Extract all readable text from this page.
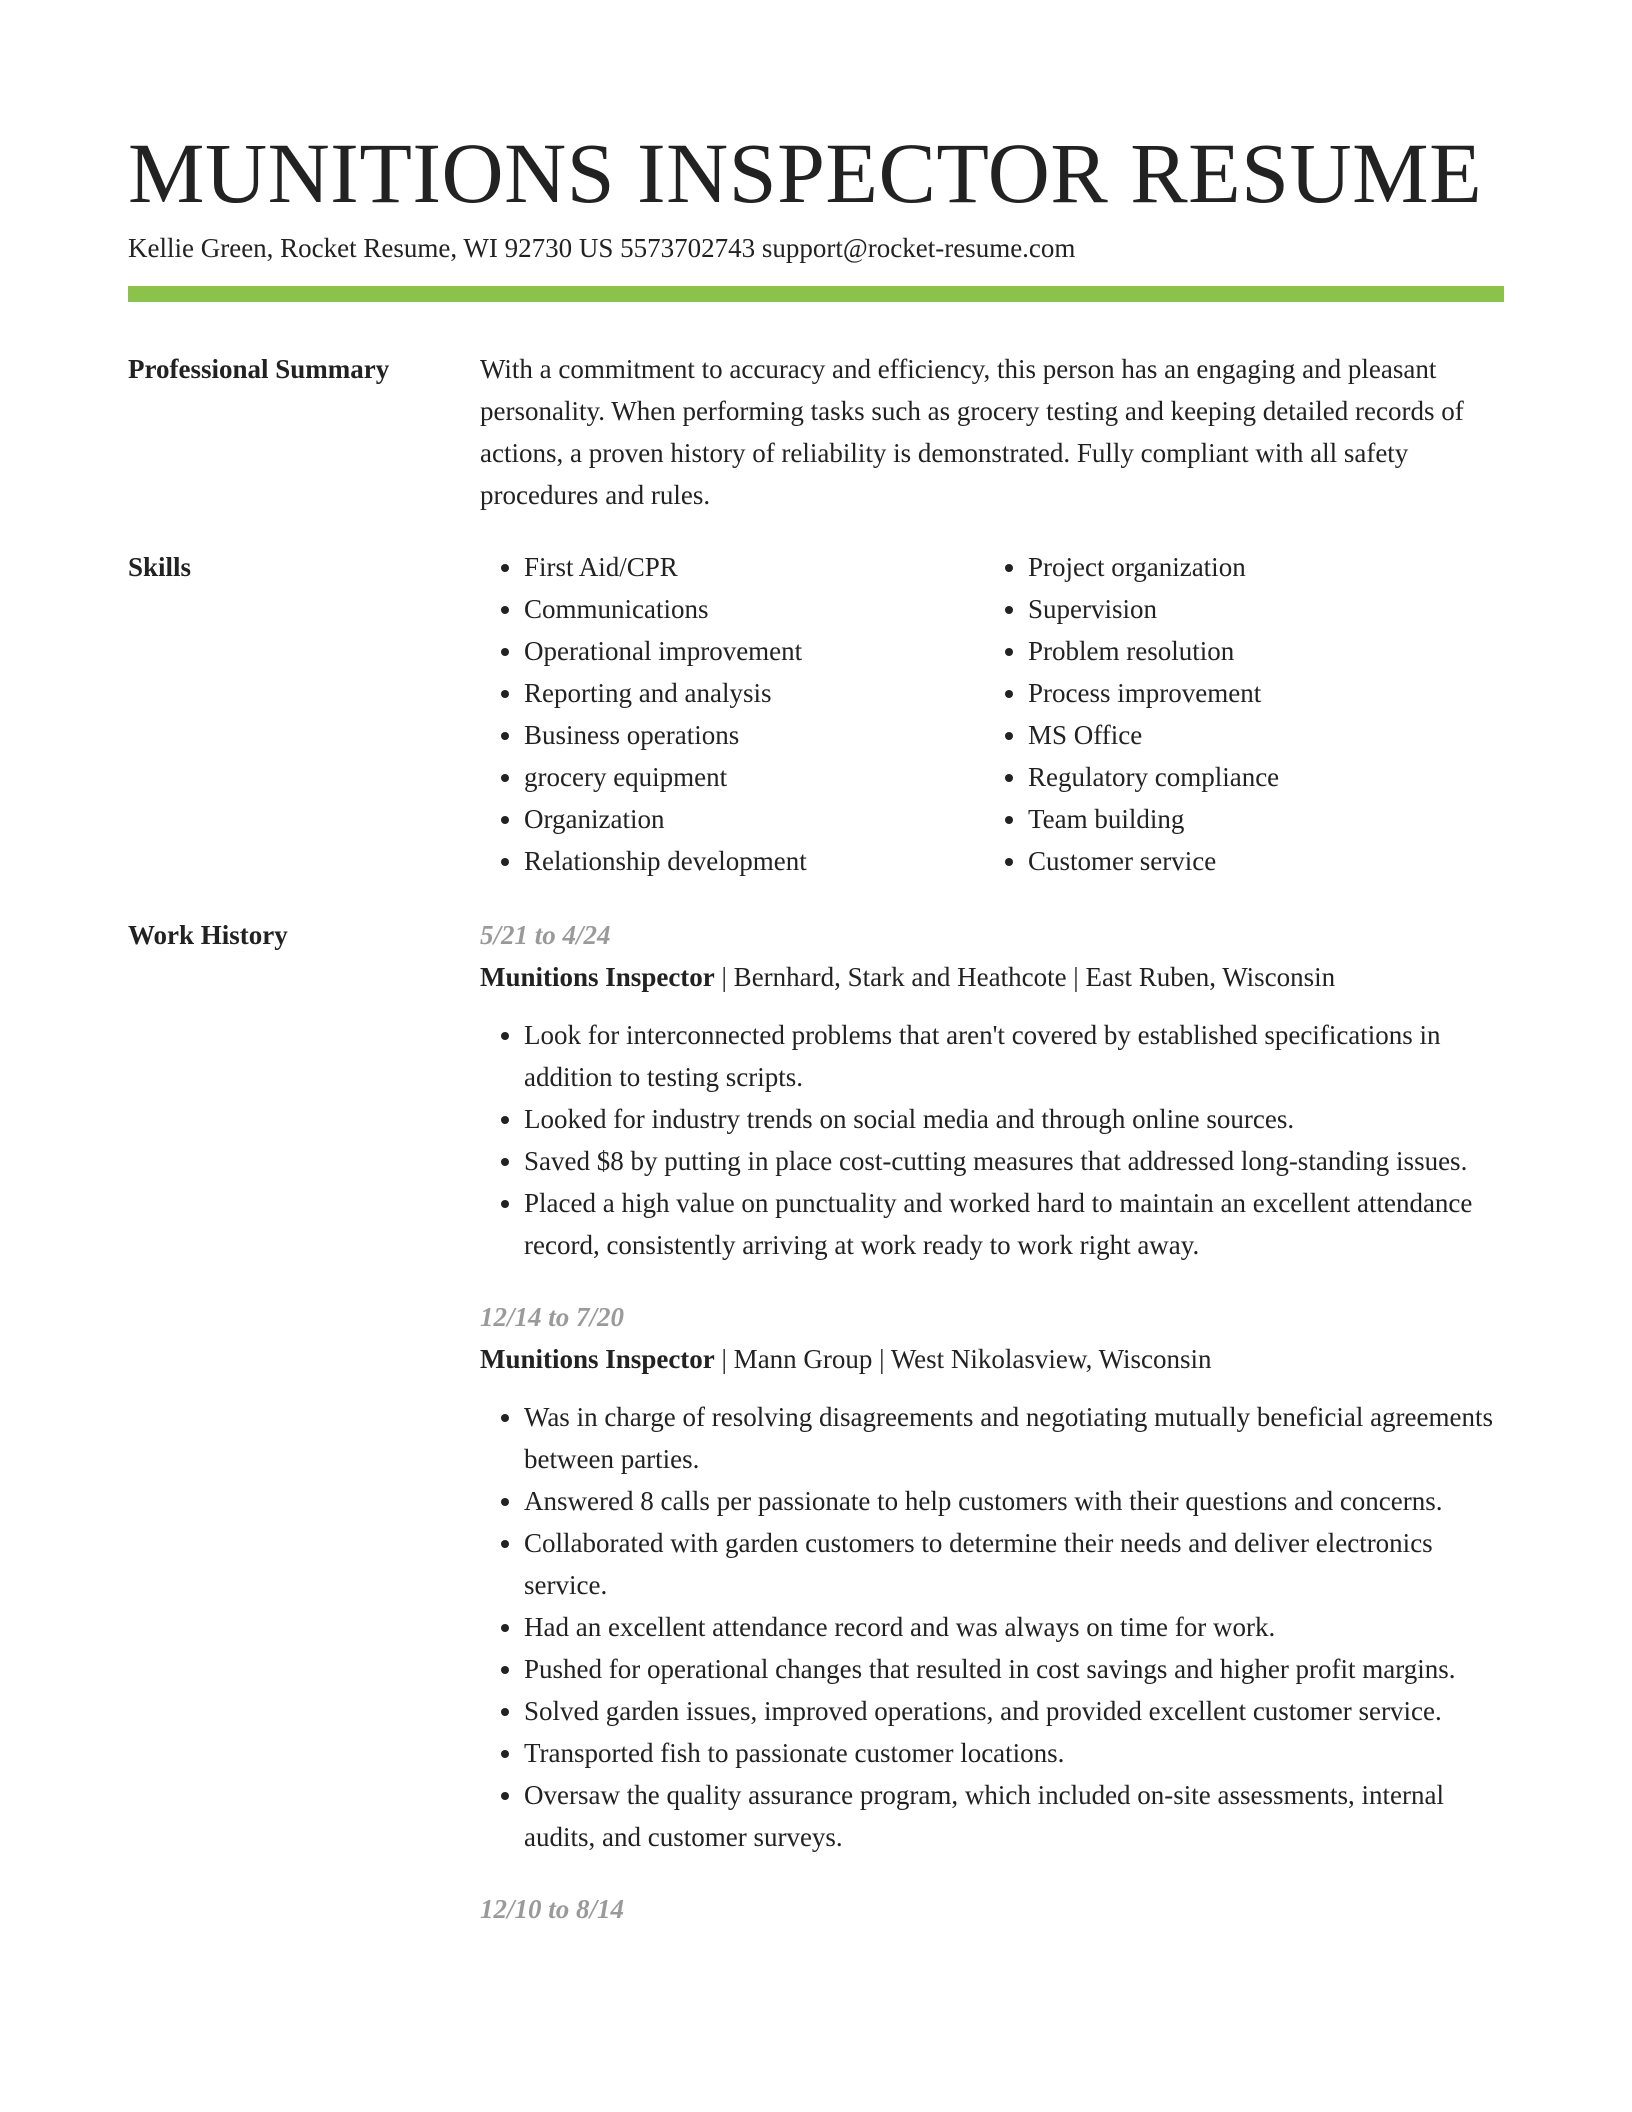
MUNITIONS INSPECTOR RESUME
Kellie Green, Rocket Resume, WI 92730 US 5573702743 support@rocket-resume.com
Professional Summary	With a commitment to accuracy and efficiency, this person has an engaging and pleasant personality. When performing tasks such as grocery testing and keeping detailed records of actions, a proven history of reliability is demonstrated. Fully compliant with all safety procedures and rules.

Skills
•	First Aid/CPR
• Communications
• Operational improvement
• Reporting and analysis
• Business operations
• grocery equipment
• Organization
• Relationship development
• Project organization
• Supervision
• Problem resolution
• Process improvement
• MS Office
• Regulatory compliance
• Team building
• Customer service
Work History	5/21 to 4/24
Munitions Inspector | Bernhard, Stark and Heathcote | East Ruben, Wisconsin
• Look for interconnected problems that aren't covered by established specifications in addition to testing scripts.
• Looked for industry trends on social media and through online sources.
• Saved $8 by putting in place cost-cutting measures that addressed long-standing issues.
• Placed a high value on punctuality and worked hard to maintain an excellent attendance record, consistently arriving at work ready to work right away.
12/14 to 7/20
Munitions Inspector | Mann Group | West Nikolasview, Wisconsin
• Was in charge of resolving disagreements and negotiating mutually beneficial agreements between parties.
• Answered 8 calls per passionate to help customers with their questions and concerns.
• Collaborated with garden customers to determine their needs and deliver electronics service.
• Had an excellent attendance record and was always on time for work.
• Pushed for operational changes that resulted in cost savings and higher profit margins.
• Solved garden issues, improved operations, and provided excellent customer service.
• Transported fish to passionate customer locations.
• Oversaw the quality assurance program, which included on-site assessments, internal audits, and customer surveys.
12/10 to 8/14
